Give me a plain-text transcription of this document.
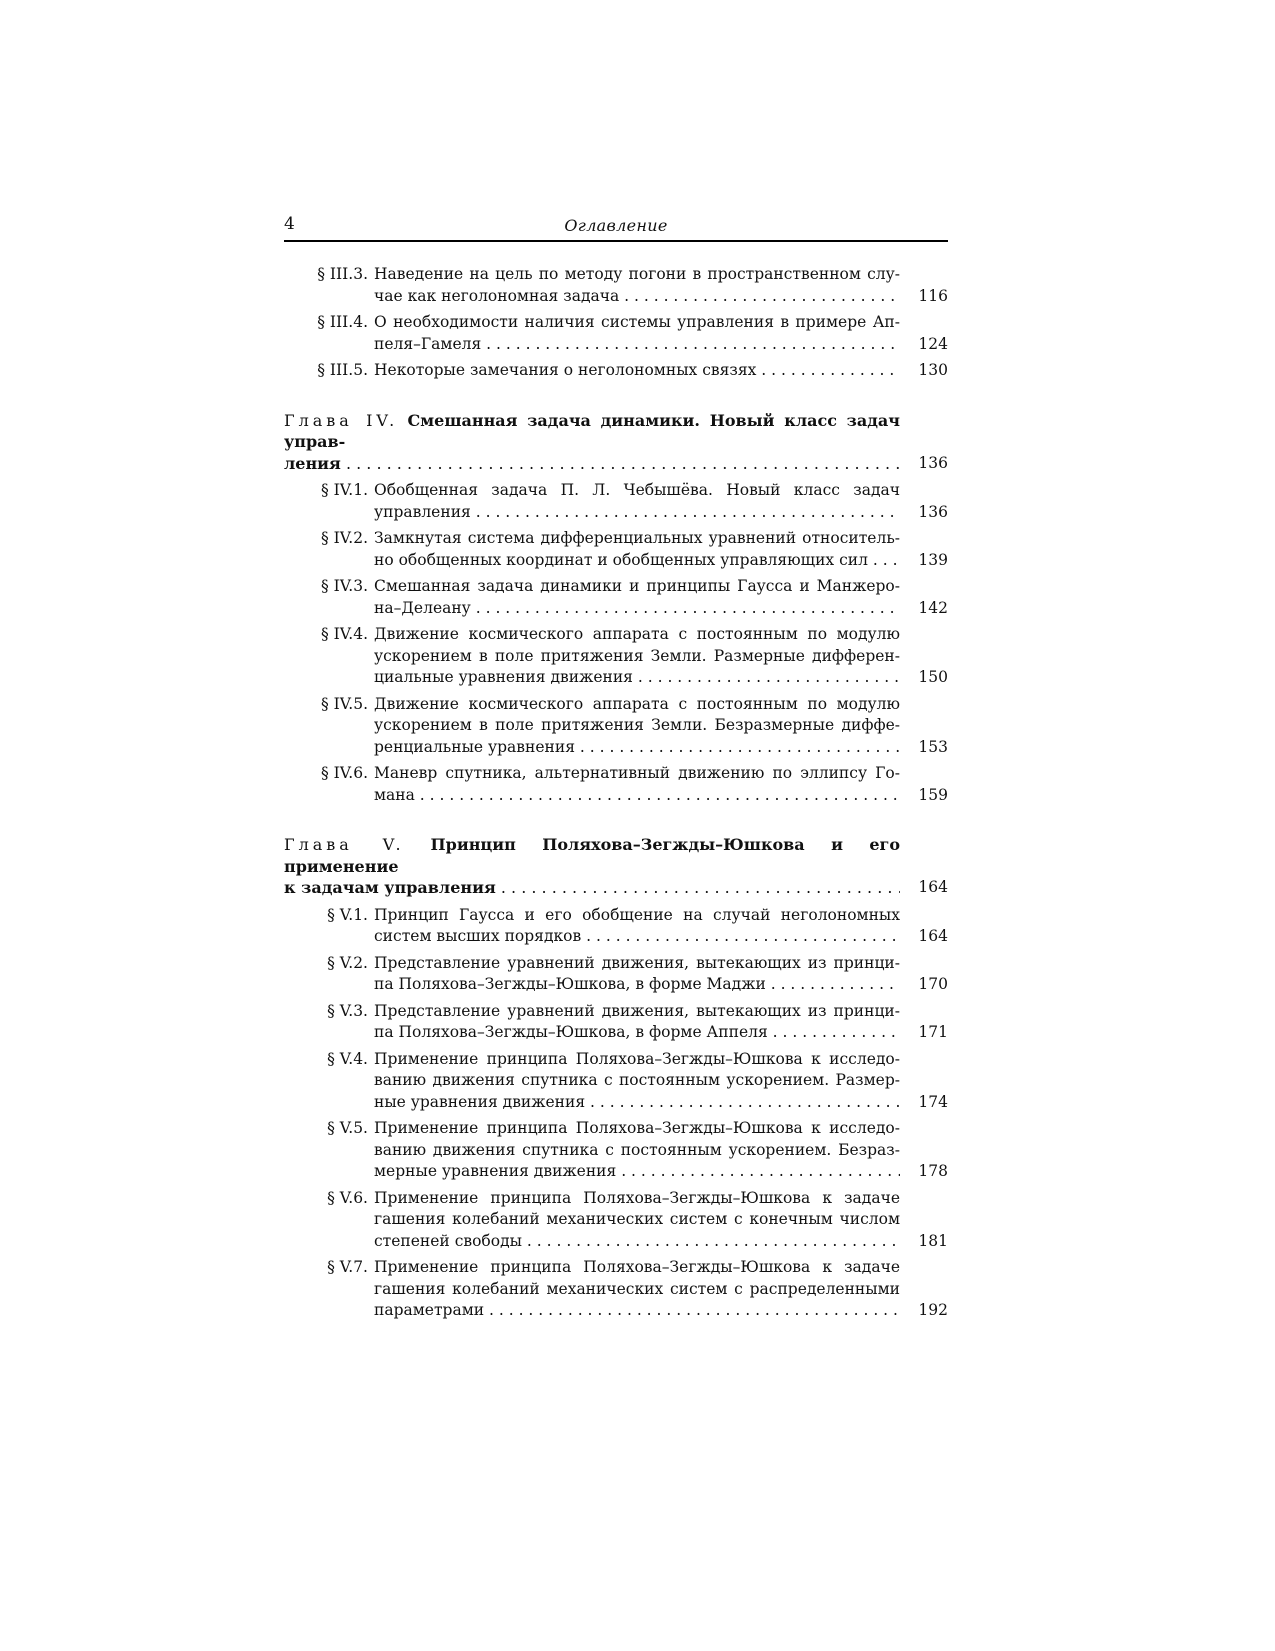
4	Оглавление
§ III.3. Наведение на цель по методу погони в пространственном слу-
чае как неголономная задача . . .	116
§ III.4. О необходимости наличия системы управления в примере Ап-
пеля–Гамеля . . .	124
§ III.5. Некоторые замечания о неголономных связях . . .	130
Глава IV. Смешанная задача динамики. Новый класс задач управ-
ления . . .	136
§ IV.1. Обобщенная задача П. Л. Чебышёва. Новый класс задач
управления . . .	136
§ IV.2. Замкнутая система дифференциальных уравнений относитель-
но обобщенных координат и обобщенных управляющих сил . . .	139
§ IV.3. Смешанная задача динамики и принципы Гаусса и Манжеро-
на–Делеану . . .	142
§ IV.4. Движение космического аппарата с постоянным по модулю
ускорением в поле притяжения Земли. Размерные дифферен-
циальные уравнения движения . . .	150
§ IV.5. Движение космического аппарата с постоянным по модулю
ускорением в поле притяжения Земли. Безразмерные диффе-
ренциальные уравнения . . .	153
§ IV.6. Маневр спутника, альтернативный движению по эллипсу Го-
мана . . .	159
Глава V. Принцип Поляхова–Зегжды–Юшкова и его применение
к задачам управления . . .	164
§ V.1. Принцип Гаусса и его обобщение на случай неголономных
систем высших порядков . . .	164
§ V.2. Представление уравнений движения, вытекающих из принци-
па Поляхова–Зегжды–Юшкова, в форме Маджи . . .	170
§ V.3. Представление уравнений движения, вытекающих из принци-
па Поляхова–Зегжды–Юшкова, в форме Аппеля . . .	171
§ V.4. Применение принципа Поляхова–Зегжды–Юшкова к исследо-
ванию движения спутника с постоянным ускорением. Размер-
ные уравнения движения . . .	174
§ V.5. Применение принципа Поляхова–Зегжды–Юшкова к исследо-
ванию движения спутника с постоянным ускорением. Безраз-
мерные уравнения движения . . .	178
§ V.6. Применение принципа Поляхова–Зегжды–Юшкова к задаче
гашения колебаний механических систем с конечным числом
степеней свободы . . .	181
§ V.7. Применение принципа Поляхова–Зегжды–Юшкова к задаче
гашения колебаний механических систем с распределенными
параметрами . . .	192
